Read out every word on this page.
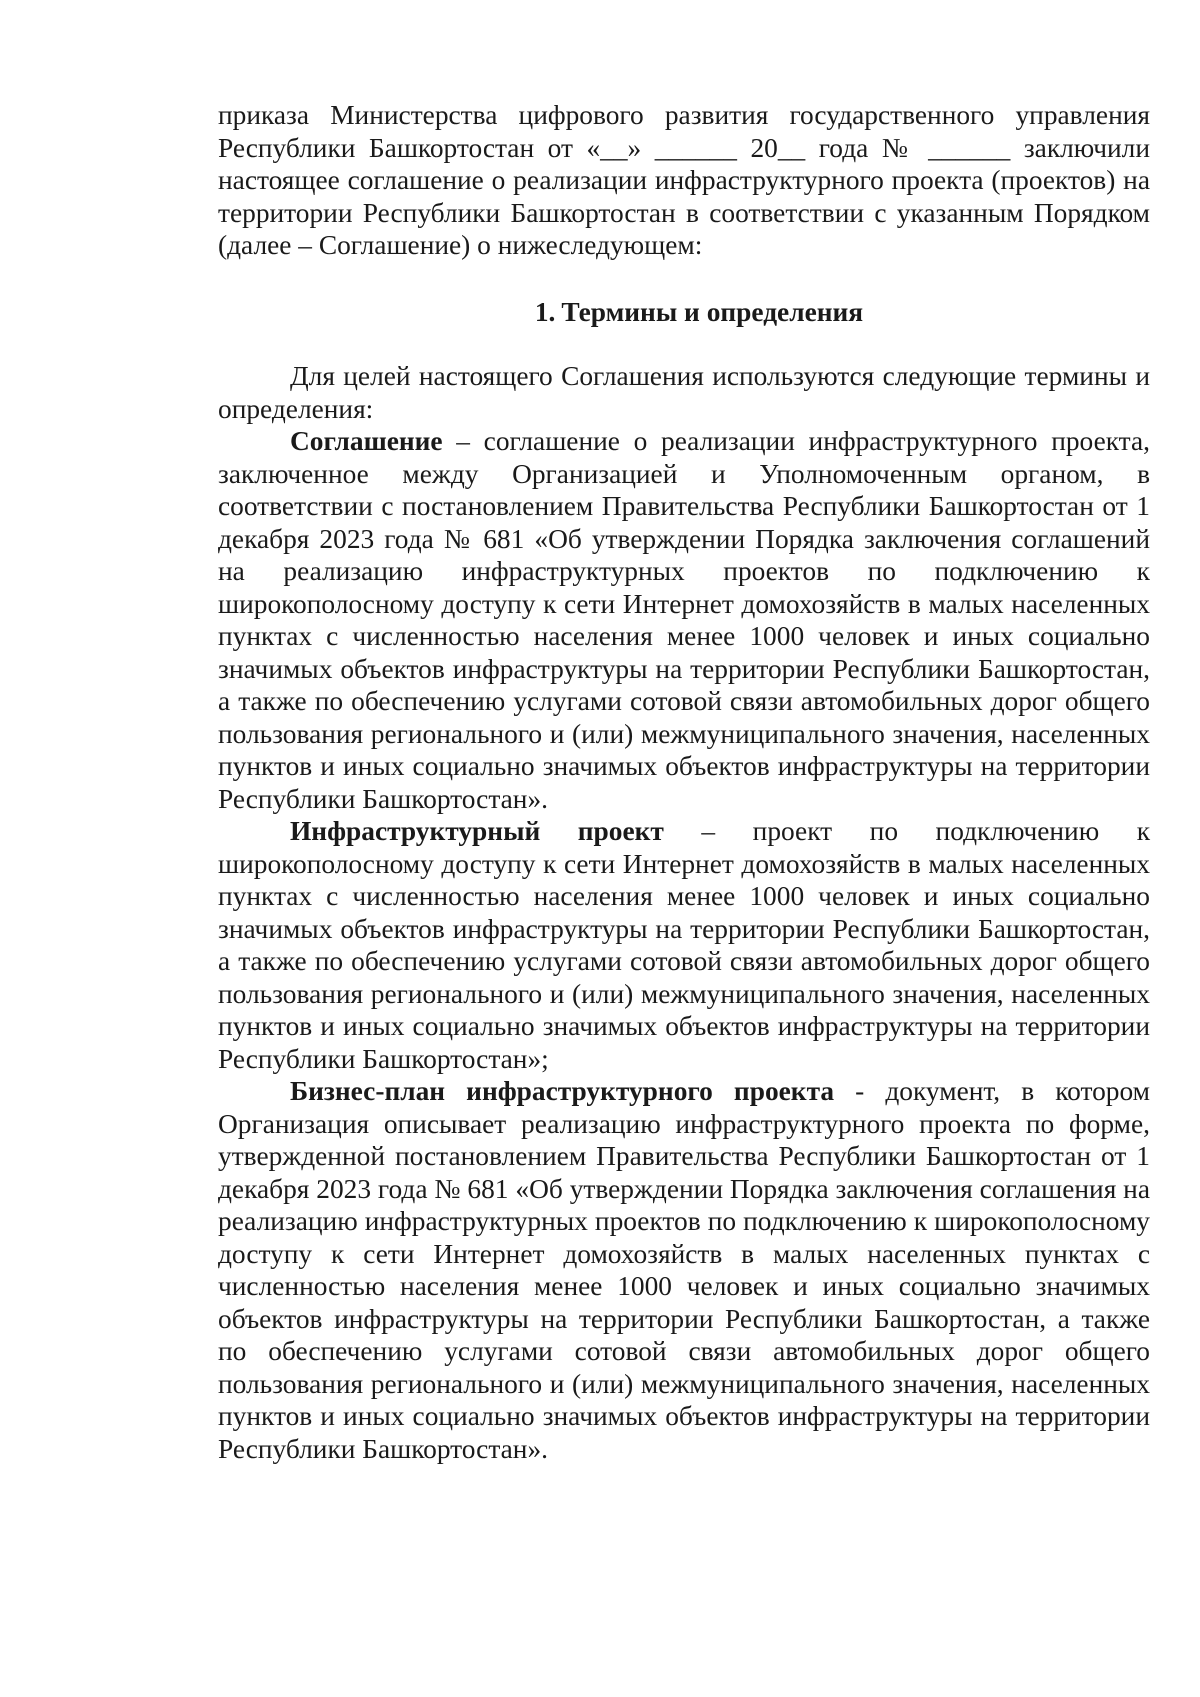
приказа Министерства цифрового развития государственного управления Республики Башкортостан от «__» ______ 20__ года № ______ заключили настоящее соглашение о реализации инфраструктурного проекта (проектов) на территории Республики Башкортостан в соответствии с указанным Порядком (далее – Соглашение) о нижеследующем:

1. Термины и определения

Для целей настоящего Соглашения используются следующие термины и определения:

Соглашение – соглашение о реализации инфраструктурного проекта, заключенное между Организацией и Уполномоченным органом, в соответствии с постановлением Правительства Республики Башкортостан от 1 декабря 2023 года № 681 «Об утверждении Порядка заключения соглашений на реализацию инфраструктурных проектов по подключению к широкополосному доступу к сети Интернет домохозяйств в малых населенных пунктах с численностью населения менее 1000 человек и иных социально значимых объектов инфраструктуры на территории Республики Башкортостан, а также по обеспечению услугами сотовой связи автомобильных дорог общего пользования регионального и (или) межмуниципального значения, населенных пунктов и иных социально значимых объектов инфраструктуры на территории Республики Башкортостан».

Инфраструктурный проект – проект по подключению к широкополосному доступу к сети Интернет домохозяйств в малых населенных пунктах с численностью населения менее 1000 человек и иных социально значимых объектов инфраструктуры на территории Республики Башкортостан, а также по обеспечению услугами сотовой связи автомобильных дорог общего пользования регионального и (или) межмуниципального значения, населенных пунктов и иных социально значимых объектов инфраструктуры на территории Республики Башкортостан»;

Бизнес-план инфраструктурного проекта - документ, в котором Организация описывает реализацию инфраструктурного проекта по форме, утвержденной постановлением Правительства Республики Башкортостан от 1 декабря 2023 года № 681 «Об утверждении Порядка заключения соглашения на реализацию инфраструктурных проектов по подключению к широкополосному доступу к сети Интернет домохозяйств в малых населенных пунктах с численностью населения менее 1000 человек и иных социально значимых объектов инфраструктуры на территории Республики Башкортостан, а также по обеспечению услугами сотовой связи автомобильных дорог общего пользования регионального и (или) межмуниципального значения, населенных пунктов и иных социально значимых объектов инфраструктуры на территории Республики Башкортостан».
